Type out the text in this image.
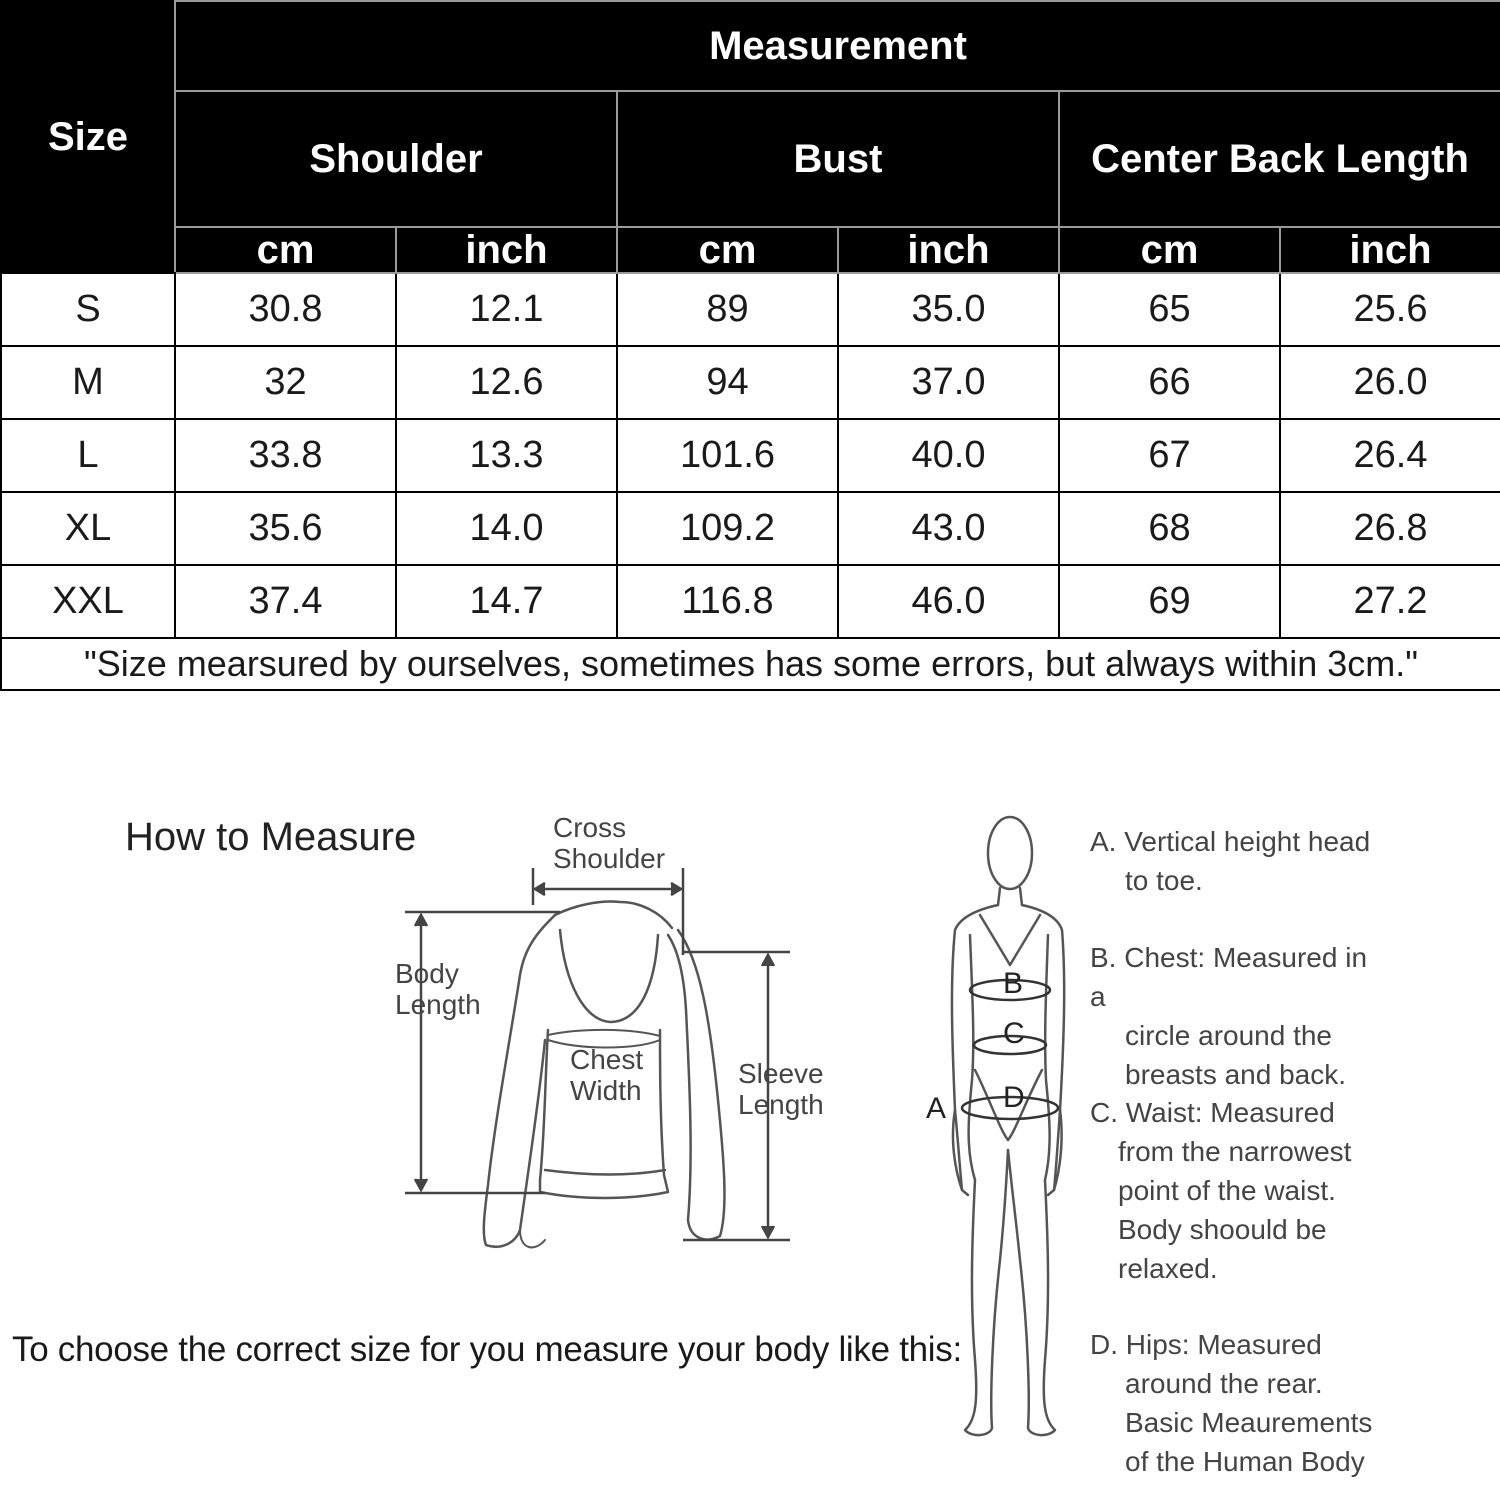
Size	Measurement					
	Shoulder		Bust		Center Back Length	
	cm	inch	cm	inch	cm	inch
S	30.8	12.1	89	35.0	65	25.6
M	32	12.6	94	37.0	66	26.0
L	33.8	13.3	101.6	40.0	67	26.4
XL	35.6	14.0	109.2	43.0	68	26.8
XXL	37.4	14.7	116.8	46.0	69	27.2
"Size mearsured by ourselves, sometimes has some errors, but always within 3cm."						
How to Measure
To choose the correct size for you measure your body like this:
Cross
Shoulder
Body
Length
Chest
Width
Sleeve
Length
B
C
D
A
A. Vertical height head
to toe.
B. Chest: Measured in a
circle around the
breasts and back.
C. Waist: Measured
from the narrowest
point of the waist.
Body shoould be
relaxed.
D. Hips: Measured
around the rear.
Basic Meaurements
of the Human Body
